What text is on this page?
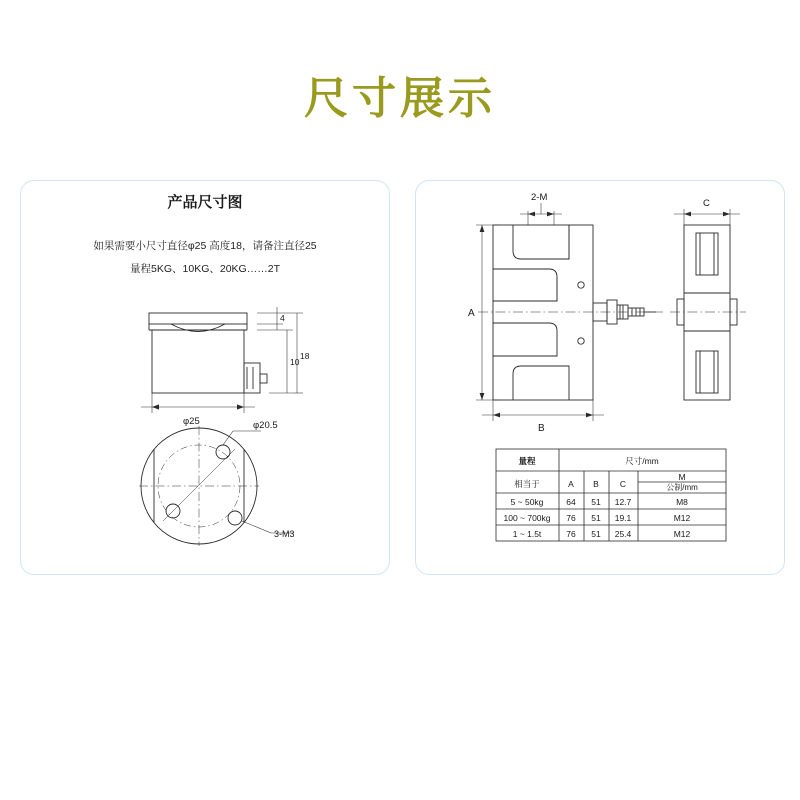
尺寸展示
产品尺寸图
如果需要小尺寸直径φ25 高度18，请备注直径25
量程5KG、10KG、20KG……2T
4
10
18
φ25	φ20.5
3-M3
2-M
C
A
B
量程	尺寸/mm
相当于	A B C
M
公制/mm
5 ~ 50kg	64 51 12.7	M8
100 ~ 700kg 76 51 19.1	M12
1 ~ 1.5t	76 51 25.4	M12
